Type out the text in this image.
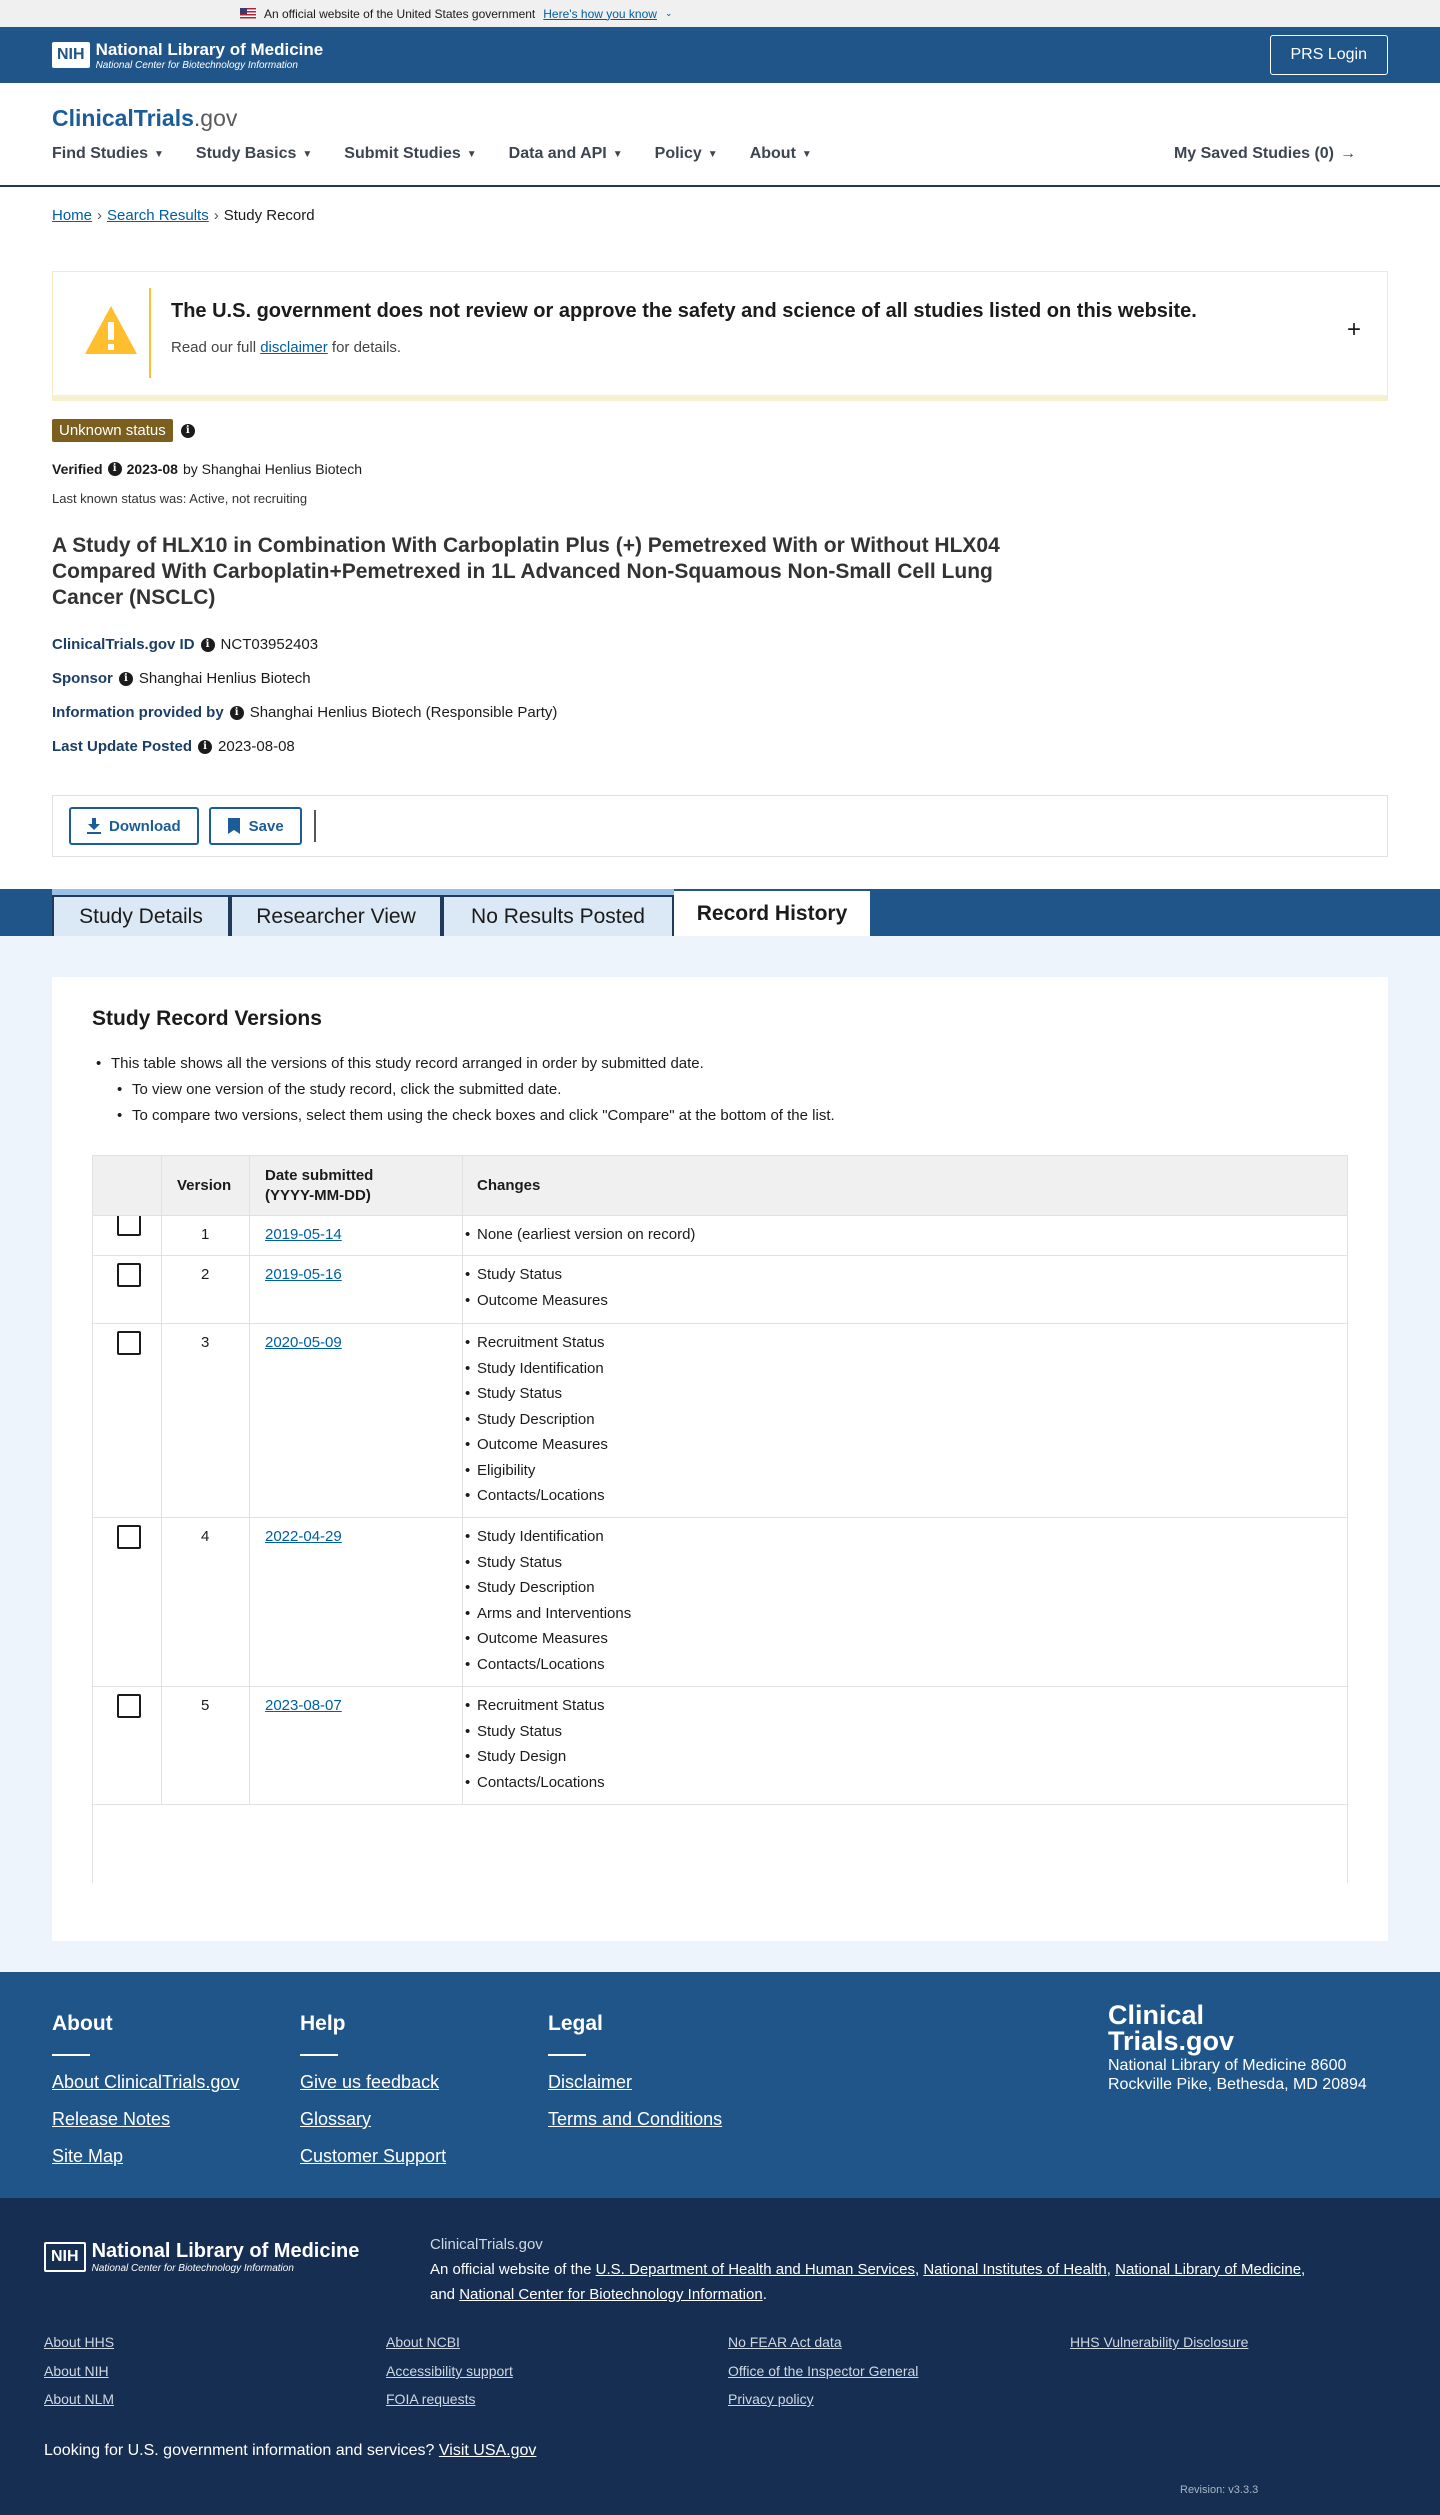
An official website of the United States government Here's how you know ⌄
NIH National Library of Medicine
National Center for Biotechnology Information
PRS Login
ClinicalTrials.gov
Find Studies ▼ Study Basics ▼ Submit Studies ▼ Data and API ▼ Policy ▼ About ▼	My Saved Studies (0) →
Home › Search Results › Study Record
The U.S. government does not review or approve the safety and science of all studies listed on this website.
Read our full disclaimer for details.
+
Unknown status	i
Verified	i 2023-08 by Shanghai Henlius Biotech
Last known status was: Active, not recruiting
A Study of HLX10 in Combination With Carboplatin Plus (+) Pemetrexed With or Without HLX04 Compared With Carboplatin+Pemetrexed in 1L Advanced Non-Squamous Non-Small Cell Lung Cancer (NSCLC)
ClinicalTrials.gov ID	i NCT03952403
Sponsor	i Shanghai Henlius Biotech
Information provided by	i Shanghai Henlius Biotech (Responsible Party)
Last Update Posted	i 2023-08-08
Download	Save
Study Details	Researcher View	No Results Posted	Record History
Study Record Versions
• This table shows all the versions of this study record arranged in order by submitted date.
• To view one version of the study record, click the submitted date.
• To compare two versions, select them using the check boxes and click "Compare" at the bottom of the list.
Version
Date submitted
(YYYY-MM-DD)
Changes
1	2019-05-14	• None (earliest version on record)
2	2019-05-16	• Study Status
• Outcome Measures
3	2020-05-09	• Recruitment Status
• Study Identification
• Study Status
• Study Description
• Outcome Measures
• Eligibility
• Contacts/Locations
4	2022-04-29	• Study Identification
• Study Status
• Study Description
• Arms and Interventions
• Outcome Measures
• Contacts/Locations
5	2023-08-07	• Recruitment Status
• Study Status
• Study Design
• Contacts/Locations
About
About ClinicalTrials.gov
Release Notes
Site Map
Help
Give us feedback
Glossary
Customer Support
Legal
Disclaimer
Terms and Conditions
Clinical
Trials.gov
National Library of Medicine 8600 Rockville Pike, Bethesda, MD 20894
NIH National Library of Medicine
National Center for Biotechnology Information
ClinicalTrials.gov
An official website of the U.S. Department of Health and Human Services, National Institutes of Health, National Library of Medicine,
and National Center for Biotechnology Information.
About HHS
About NIH
About NLM
About NCBI
Accessibility support
FOIA requests
No FEAR Act data
Office of the Inspector General
Privacy policy
HHS Vulnerability Disclosure
Looking for U.S. government information and services? Visit USA.gov
Revision: v3.3.3
